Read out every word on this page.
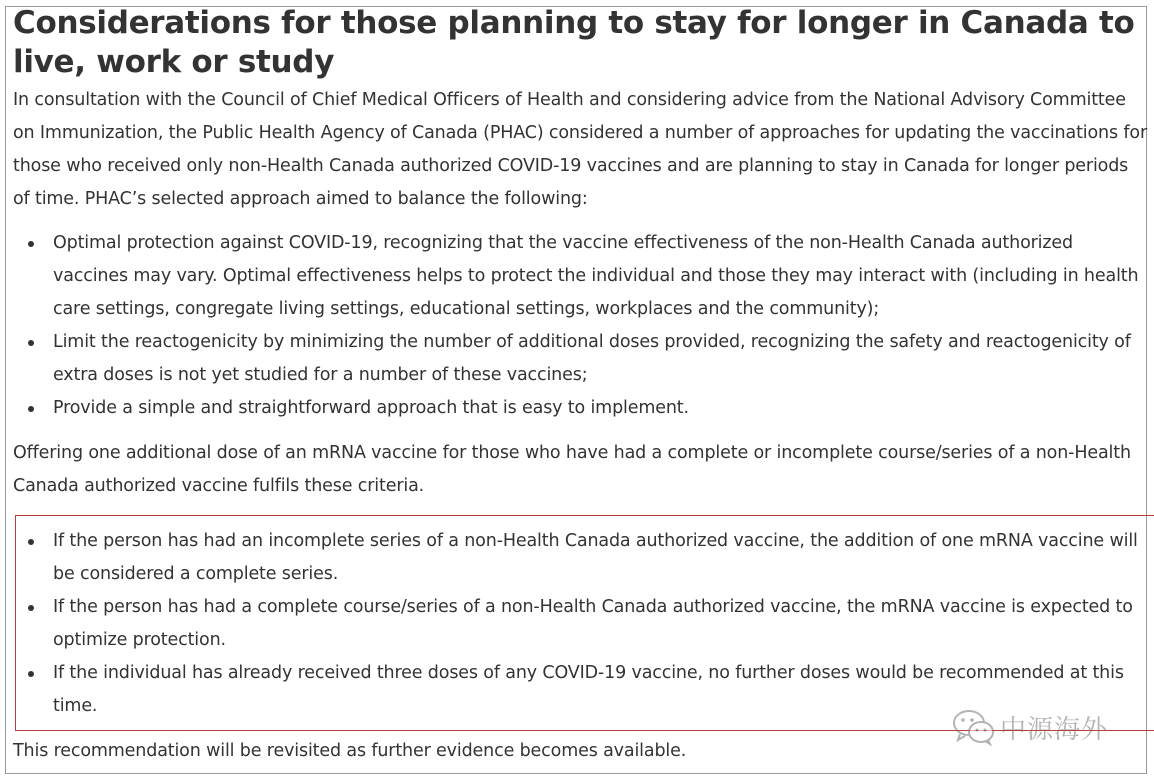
Considerations for those planning to stay for longer in Canada to live, work or study

In consultation with the Council of Chief Medical Officers of Health and considering advice from the National Advisory Committee on Immunization, the Public Health Agency of Canada (PHAC) considered a number of approaches for updating the vaccinations for those who received only non-Health Canada authorized COVID-19 vaccines and are planning to stay in Canada for longer periods of time. PHAC’s selected approach aimed to balance the following:

Optimal protection against COVID-19, recognizing that the vaccine effectiveness of the non-Health Canada authorized vaccines may vary. Optimal effectiveness helps to protect the individual and those they may interact with (including in health care settings, congregate living settings, educational settings, workplaces and the community);
Limit the reactogenicity by minimizing the number of additional doses provided, recognizing the safety and reactogenicity of extra doses is not yet studied for a number of these vaccines;
Provide a simple and straightforward approach that is easy to implement.

Offering one additional dose of an mRNA vaccine for those who have had a complete or incomplete course/series of a non-Health Canada authorized vaccine fulfils these criteria.

If the person has had an incomplete series of a non-Health Canada authorized vaccine, the addition of one mRNA vaccine will be considered a complete series.
If the person has had a complete course/series of a non-Health Canada authorized vaccine, the mRNA vaccine is expected to optimize protection.
If the individual has already received three doses of any COVID-19 vaccine, no further doses would be recommended at this time.

This recommendation will be revisited as further evidence becomes available.

中源海外
